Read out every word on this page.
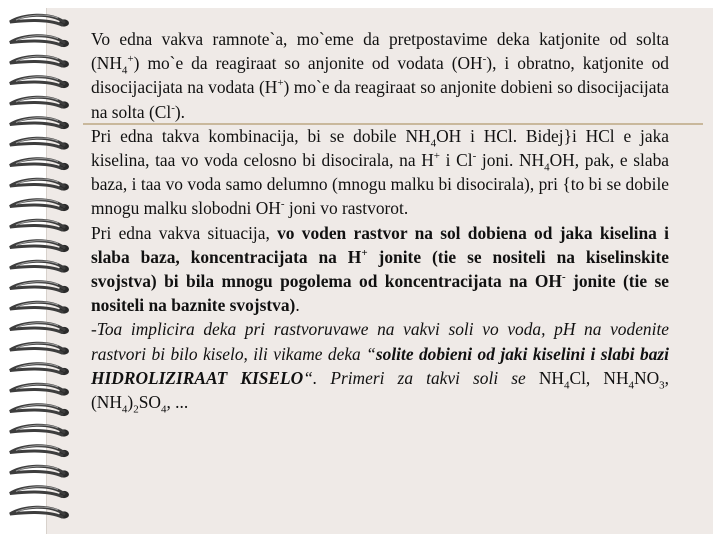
Vo edna vakva ramnote`a, mo`eme da pretpostavime deka katjonite od solta $(NH_4^+)$ mo`e da reagiraat so anjonite od vodata (OH-), i obratno, katjonite od disocijacijata na vodata (H+) mo`e da reagiraat so anjonite dobieni so disocijacijata na solta (Cl-).

Pri edna takva kombinacija, bi se dobile $NH_4OH$ i HCl. Bidej}i HCl e jaka kiselina, taa vo voda celosno bi disocirala, na H+ i Cl- joni. $NH_4OH$, pak, e slaba baza, i taa vo voda samo delumno (mnogu malku bi disocirala), pri {to bi se dobile mnogu malku slobodni OH- joni vo rastvorot.

Pri edna vakva situacija, vo voden rastvor na sol dobiena od jaka kiselina i slaba baza, koncentracijata na H+ jonite (tie se nositeli na kiselinskite svojstva) bi bila mnogu pogolema od koncentracijata na OH- jonite (tie se nositeli na baznite svojstva).

-Toa implicira deka pri rastvoruvawe na vakvi soli vo voda, pH na vodenite rastvori bi bilo kiselo, ili vikame deka “solite dobieni od jaki kiselini i slabi bazi HIDROLIZIRAAT KISELO“. Primeri za takvi soli se $NH_4Cl$, $NH_4NO_3$, $(NH_4)_2SO_4$, ...
